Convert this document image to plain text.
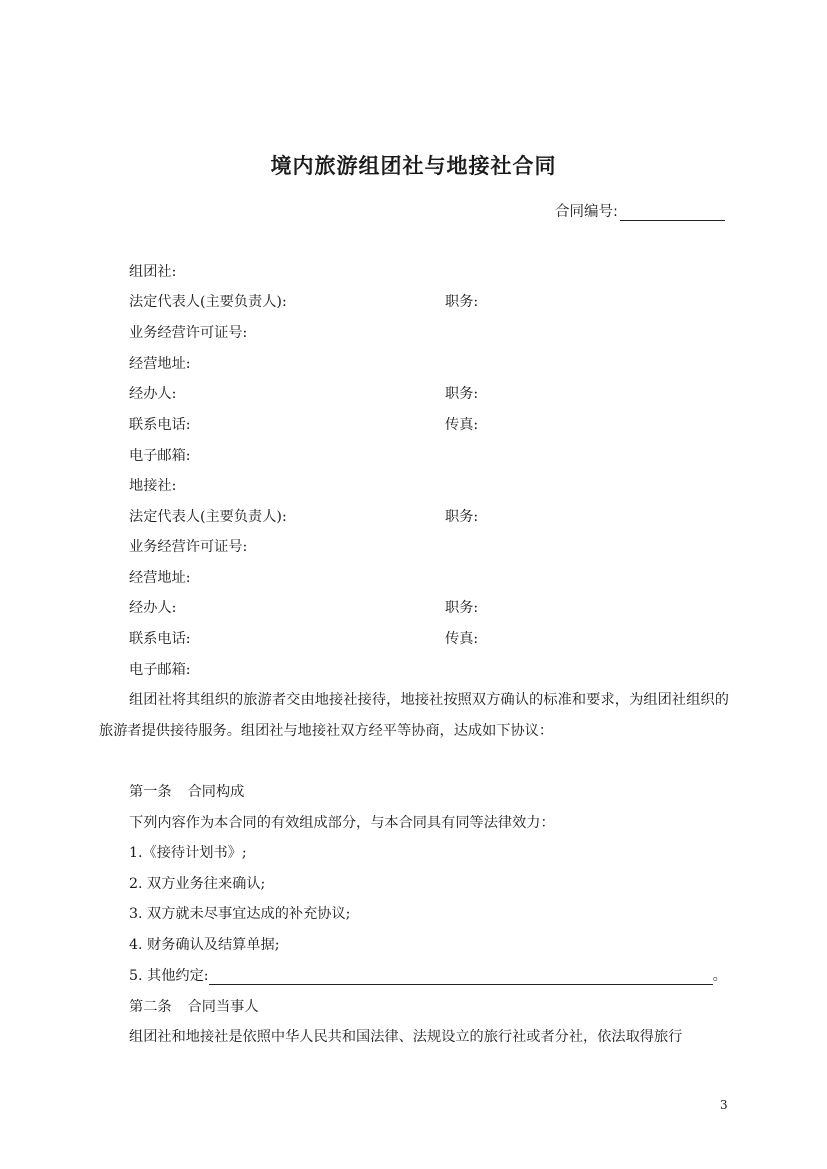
境内旅游组团社与地接社合同
合同编号:
组团社:
法定代表人(主要负责人):	职务:
业务经营许可证号:
经营地址:
经办人:	职务:
联系电话:	传真:
电子邮箱:
地接社:
法定代表人(主要负责人):	职务:
业务经营许可证号:
经营地址:
经办人:	职务:
联系电话:	传真:
电子邮箱:
组团社将其组织的旅游者交由地接社接待，地接社按照双方确认的标准和要求，为组团社组织的旅游者提供接待服务。组团社与地接社双方经平等协商，达成如下协议：
第一条 合同构成
下列内容作为本合同的有效组成部分，与本合同具有同等法律效力：
1.《接待计划书》;
2. 双方业务往来确认;
3. 双方就未尽事宜达成的补充协议;
4. 财务确认及结算单据;
5. 其他约定:	。
第二条 合同当事人
组团社和地接社是依照中华人民共和国法律、法规设立的旅行社或者分社，依法取得旅行
3
